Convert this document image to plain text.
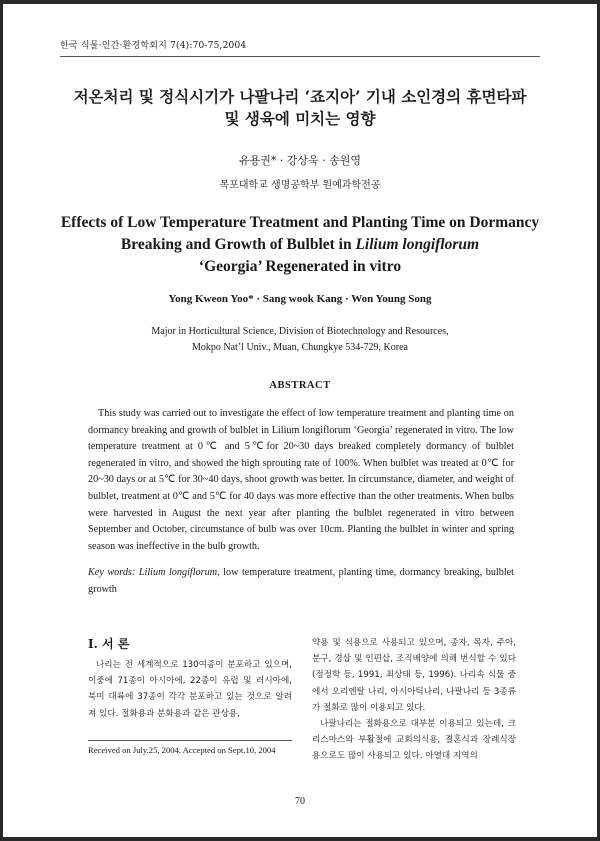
한국 식물·인간·환경학회지 7(4):70-75,2004
저온처리 및 정식시기가 나팔나리 ‘죠지아’ 기내 소인경의 휴면타파
및 생육에 미치는 영향
유용권* · 강상욱 · 송원영
목포대학교 생명공학부 원예과학전공
Effects of Low Temperature Treatment and Planting Time on Dormancy
Breaking and Growth of Bulblet in Lilium longiflorum
‘Georgia’ Regenerated in vitro
Yong Kweon Yoo* · Sang wook Kang · Won Young Song
Major in Horticultural Science, Division of Biotechnology and Resources,
Mokpo Nat’l Univ., Muan, Chungkye 534-729, Korea
ABSTRACT

This study was carried out to investigate the effect of low temperature treatment and planting time on dormancy breaking and growth of bulblet in Lilium longiflorum ‘Georgia’ regenerated in vitro. The low temperature treatment at 0℃ and 5℃for 20~30 days breaked completely dormancy of bulblet regenerated in vitro, and showed the high sprouting rate of 100%. When bulblet was treated at 0℃ for 20~30 days or at 5℃ for 30~40 days, shoot growth was better. In circumstance, diameter, and weight of bulblet, treatment at 0℃ and 5℃ for 40 days was more effective than the other treatments. When bulbs were harvested in August the next year after planting the bulblet regenerated in vitro between September and October, circumstance of bulb was over 10cm. Planting the bulblet in winter and spring season was ineffective in the bulb growth.

Key words: Lilium longiflorum, low temperature treatment, planting time, dormancy breaking, bulblet growth

Ⅰ. 서 론

나리는 전 세계적으로 130여종이 분포하고 있으며, 이중에 71종이 아시아에, 22종이 유럽 및 러시아에, 북미 대륙에 37종이 각각 분포하고 있는 것으로 알려져 있다. 절화용과 분화용과 같은 관상용,

약용 및 식용으로 사용되고 있으며, 종자, 목자, 주아, 분구, 경삽 및 인편삽, 조직배양에 의해 번식할 수 있다(정정학 등, 1991, 최상태 등, 1996). 나리속 식물 중에서 오리엔탈 나리, 아시아틱나리, 나팔나리 등 3종류가 절화로 많이 이용되고 있다.

나팔나리는 절화용으로 대부분 이용되고 있는데, 크리스마스와 부활절에 교회의식용, 결혼식과 장례식장용으로도 많이 사용되고 있다. 아열대 지역의

Received on July.25, 2004. Accepted on Sept.10, 2004
70
